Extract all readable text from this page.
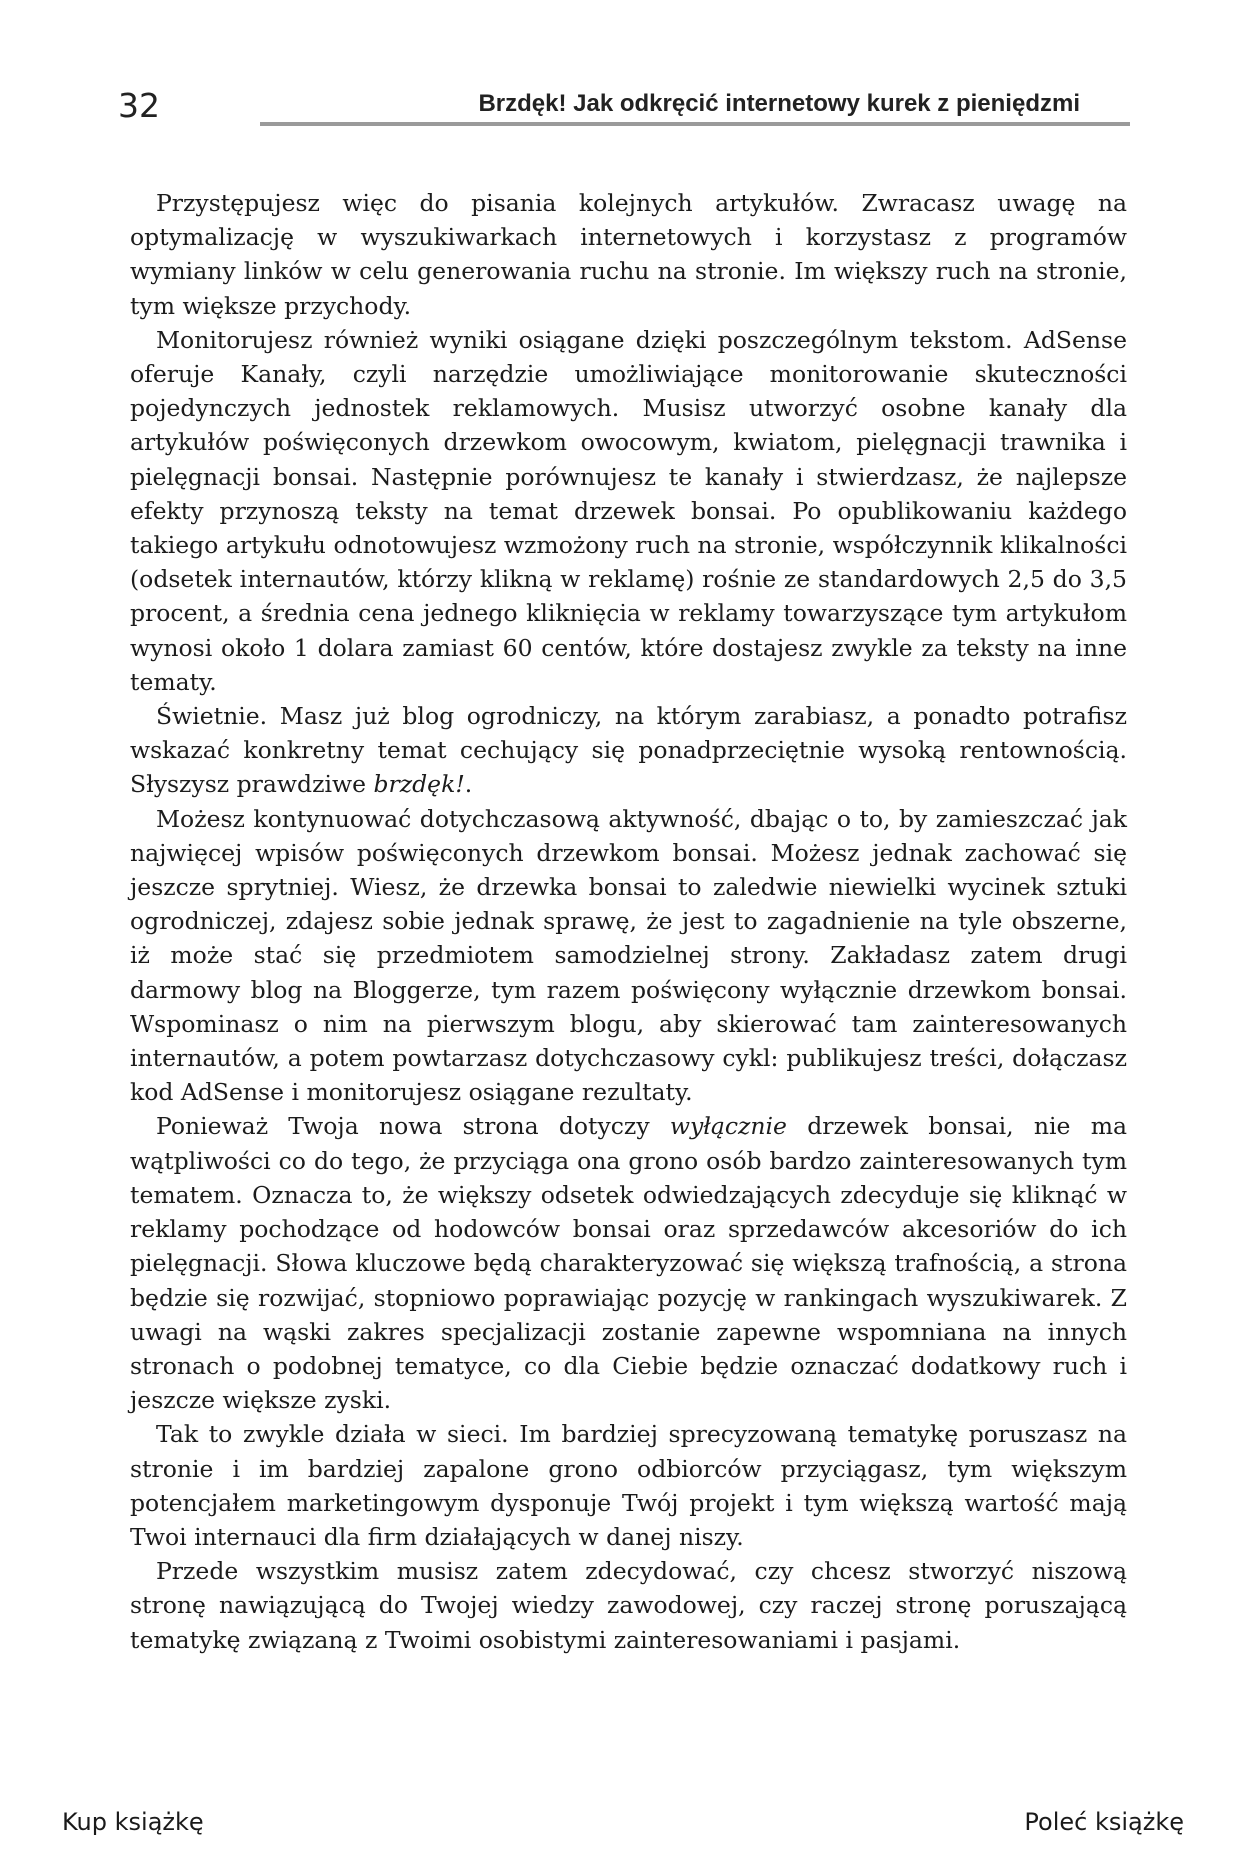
32	Brzdęk! Jak odkręcić internetowy kurek z pieniędzmi

Przystępujesz więc do pisania kolejnych artykułów. Zwracasz uwagę na optymalizację w wyszukiwarkach internetowych i korzystasz z programów wymiany linków w celu generowania ruchu na stronie. Im większy ruch na stronie, tym większe przychody.

Monitorujesz również wyniki osiągane dzięki poszczególnym tekstom. AdSense oferuje Kanały, czyli narzędzie umożliwiające monitorowanie skuteczności pojedynczych jednostek reklamowych. Musisz utworzyć osobne kanały dla artykułów poświęconych drzewkom owocowym, kwiatom, pielęgnacji trawnika i pielęgnacji bonsai. Następnie porównujesz te kanały i stwierdzasz, że najlepsze efekty przynoszą teksty na temat drzewek bonsai. Po opublikowaniu każdego takiego artykułu odnotowujesz wzmożony ruch na stronie, współczynnik klikalności (odsetek internautów, którzy klikną w reklamę) rośnie ze standardowych 2,5 do 3,5 procent, a średnia cena jednego kliknięcia w reklamy towarzyszące tym artykułom wynosi około 1 dolara zamiast 60 centów, które dostajesz zwykle za teksty na inne tematy.

Świetnie. Masz już blog ogrodniczy, na którym zarabiasz, a ponadto potrafisz wskazać konkretny temat cechujący się ponadprzeciętnie wysoką rentownością. Słyszysz prawdziwe brzdęk!.

Możesz kontynuować dotychczasową aktywność, dbając o to, by zamieszczać jak najwięcej wpisów poświęconych drzewkom bonsai. Możesz jednak zachować się jeszcze sprytniej. Wiesz, że drzewka bonsai to zaledwie niewielki wycinek sztuki ogrodniczej, zdajesz sobie jednak sprawę, że jest to zagadnienie na tyle obszerne, iż może stać się przedmiotem samodzielnej strony. Zakładasz zatem drugi darmowy blog na Bloggerze, tym razem poświęcony wyłącznie drzewkom bonsai. Wspominasz o nim na pierwszym blogu, aby skierować tam zainteresowanych internautów, a potem powtarzasz dotychczasowy cykl: publikujesz treści, dołączasz kod AdSense i monitorujesz osiągane rezultaty.

Ponieważ Twoja nowa strona dotyczy wyłącznie drzewek bonsai, nie ma wątpliwości co do tego, że przyciąga ona grono osób bardzo zainteresowanych tym tematem. Oznacza to, że większy odsetek odwiedzających zdecyduje się kliknąć w reklamy pochodzące od hodowców bonsai oraz sprzedawców akcesoriów do ich pielęgnacji. Słowa kluczowe będą charakteryzować się większą trafnością, a strona będzie się rozwijać, stopniowo poprawiając pozycję w rankingach wyszukiwarek. Z uwagi na wąski zakres specjalizacji zostanie zapewne wspomniana na innych stronach o podobnej tematyce, co dla Ciebie będzie oznaczać dodatkowy ruch i jeszcze większe zyski.

Tak to zwykle działa w sieci. Im bardziej sprecyzowaną tematykę poruszasz na stronie i im bardziej zapalone grono odbiorców przyciągasz, tym większym potencjałem marketingowym dysponuje Twój projekt i tym większą wartość mają Twoi internauci dla firm działających w danej niszy.

Przede wszystkim musisz zatem zdecydować, czy chcesz stworzyć niszową stronę nawiązującą do Twojej wiedzy zawodowej, czy raczej stronę poruszającą tematykę związaną z Twoimi osobistymi zainteresowaniami i pasjami.

Kup książkę	Poleć książkę
